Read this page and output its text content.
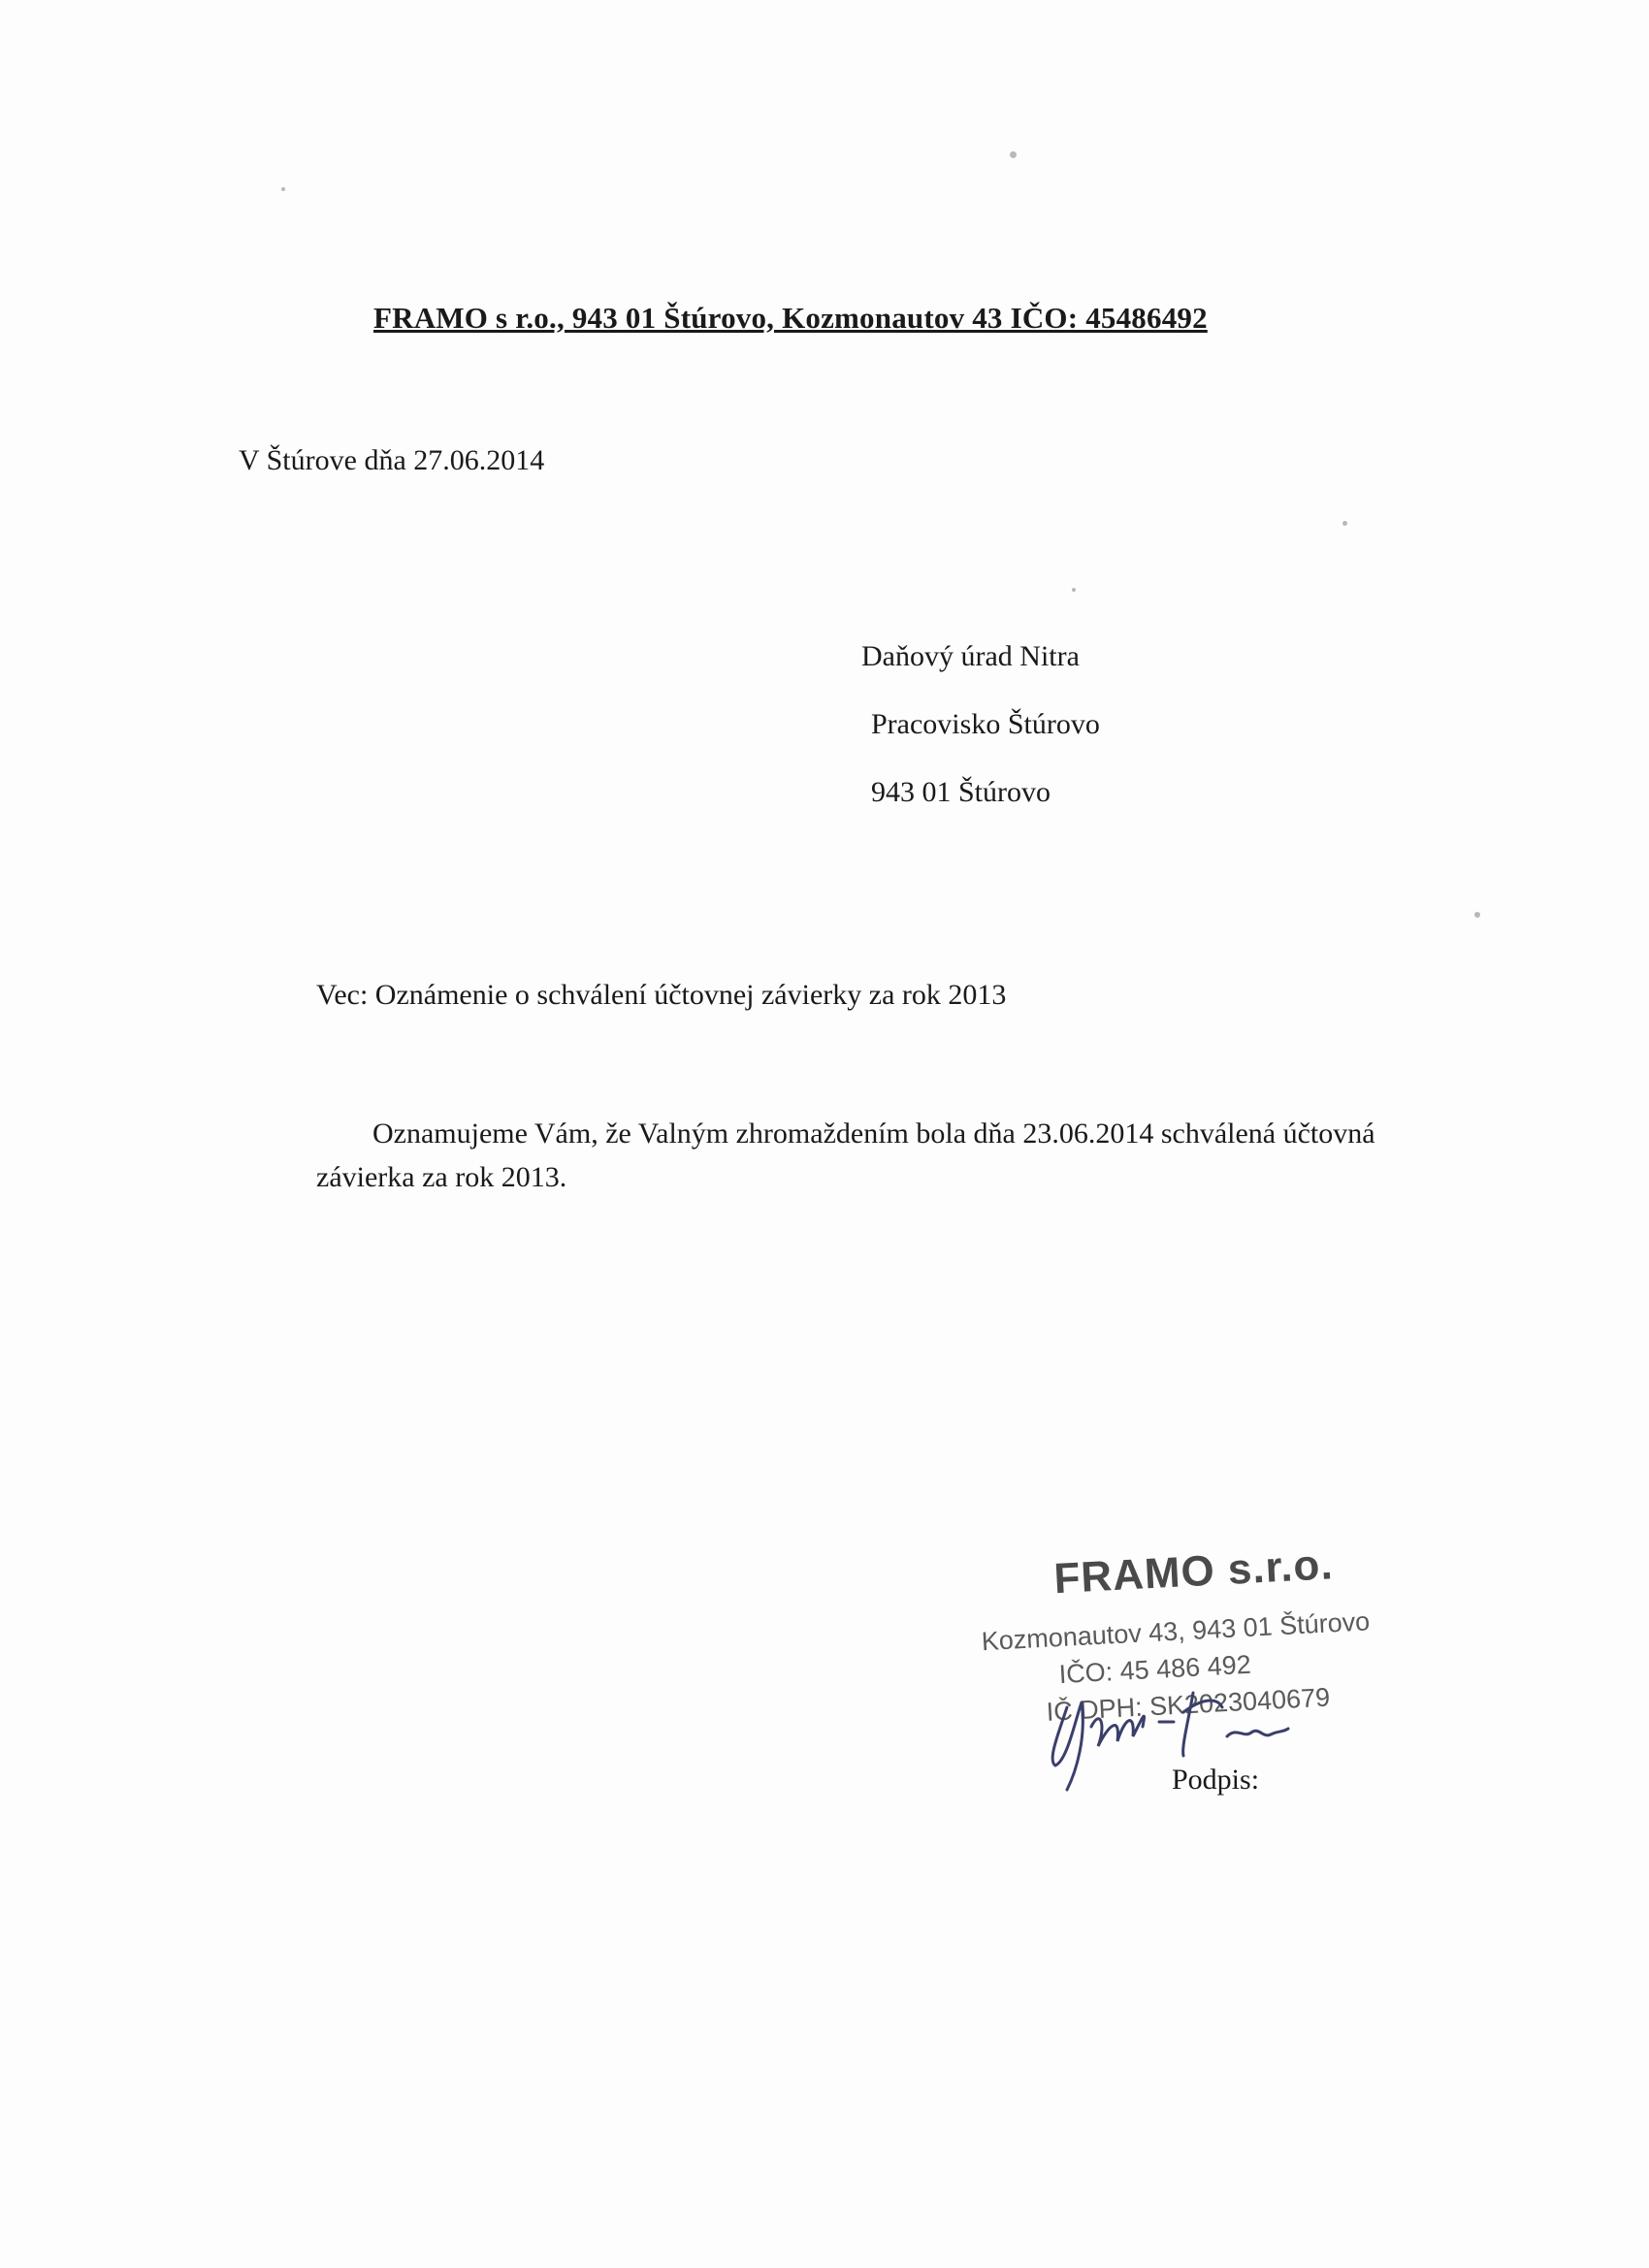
FRAMO s r.o., 943 01 Štúrovo, Kozmonautov 43 IČO: 45486492
V Štúrove dňa 27.06.2014
Daňový úrad Nitra
Pracovisko Štúrovo
943 01 Štúrovo
Vec: Oznámenie o schválení účtovnej závierky za rok 2013
Oznamujeme Vám, že Valným zhromaždením bola dňa 23.06.2014 schválená účtovná závierka za rok 2013.
FRAMO s.r.o.
Kozmonautov 43, 943 01 Štúrovo
IČO: 45 486 492
IČ DPH: SK2023040679
Podpis:
